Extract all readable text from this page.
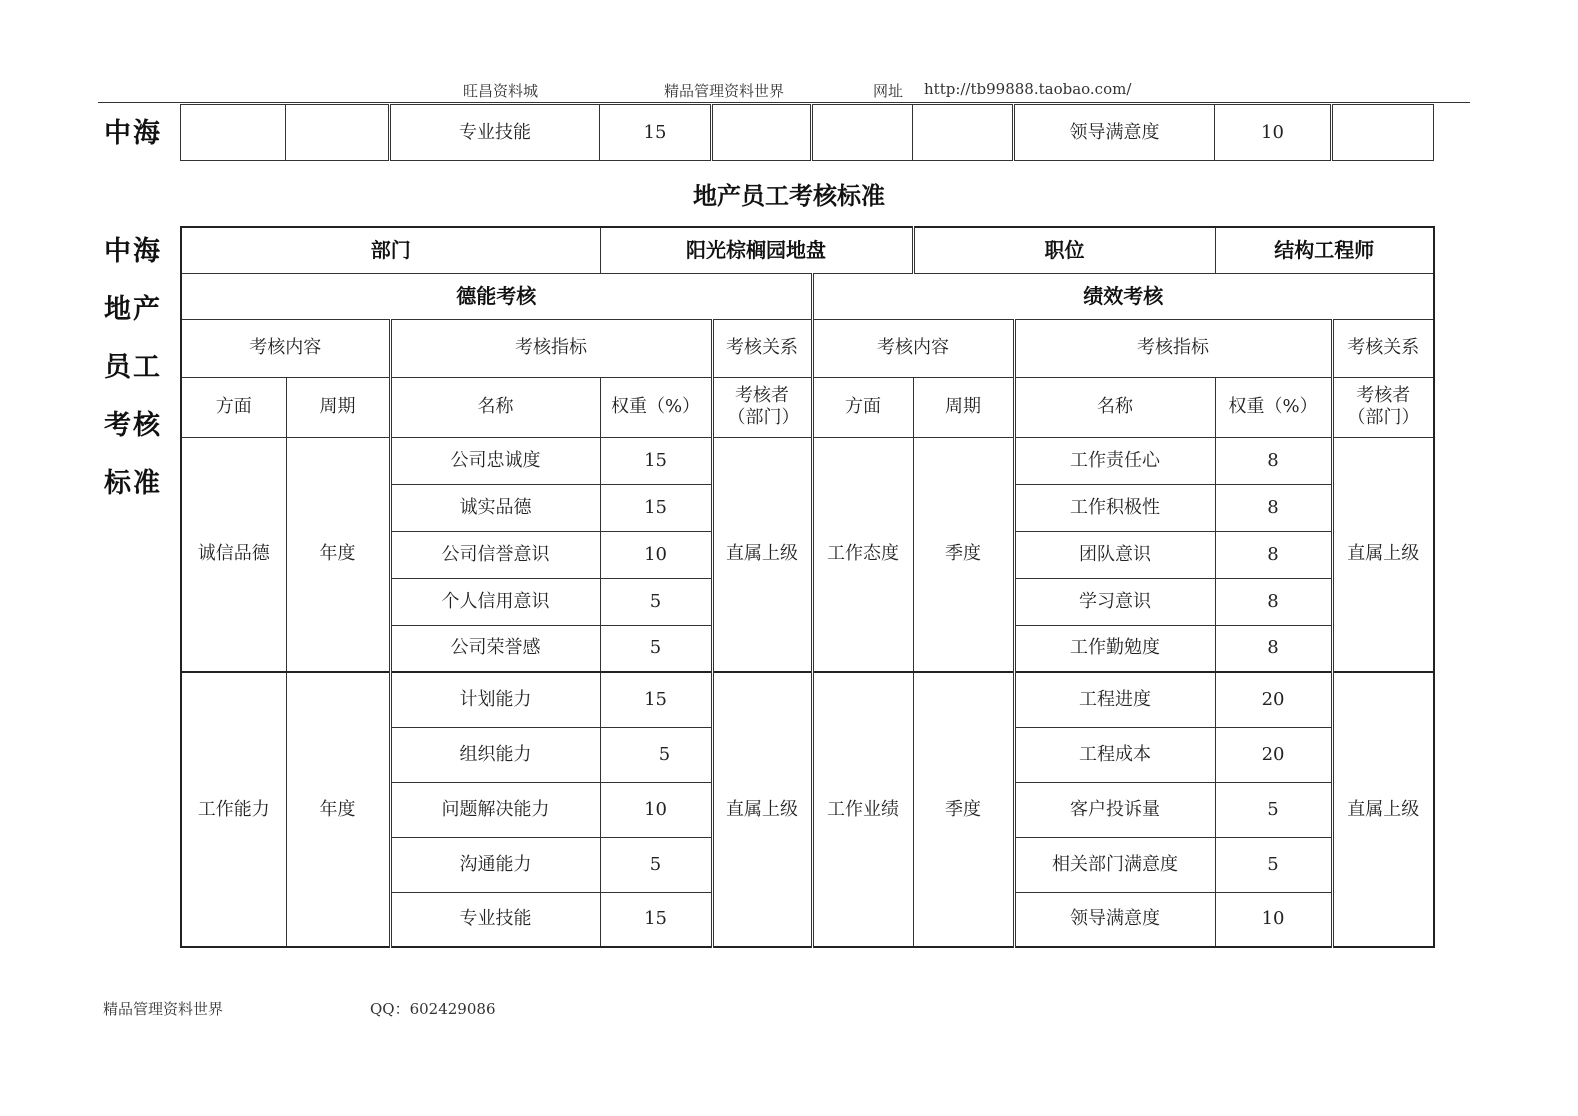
旺昌资料城	精品管理资料世界	网址 http://tb99888.taobao.com/
中海
			专业技能	15				领导满意度	10	
地产员工考核标准
中海
地产
员工
考核
标准
部门			阳光棕榈园地盘			职位		结构工程师	
德能考核					绩效考核				
考核内容		考核指标		考核关系	考核内容		考核指标		考核关系
方面	周期	名称	权重（%）	考核者（部门）	方面	周期	名称	权重（%）	考核者（部门）
诚信品德	年度	公司忠诚度	15	直属上级	工作态度	季度	工作责任心	8	直属上级
		诚实品德	15				工作积极性	8	
		公司信誉意识	10				团队意识	8	
		个人信用意识	5				学习意识	8	
		公司荣誉感	5				工作勤勉度	8	
工作能力	年度	计划能力	15	直属上级	工作业绩	季度	工程进度	20	直属上级
		组织能力	5				工程成本	20	
		问题解决能力	10				客户投诉量	5	
		沟通能力	5				相关部门满意度	5	
		专业技能	15				领导满意度	10	
精品管理资料世界	QQ：602429086
